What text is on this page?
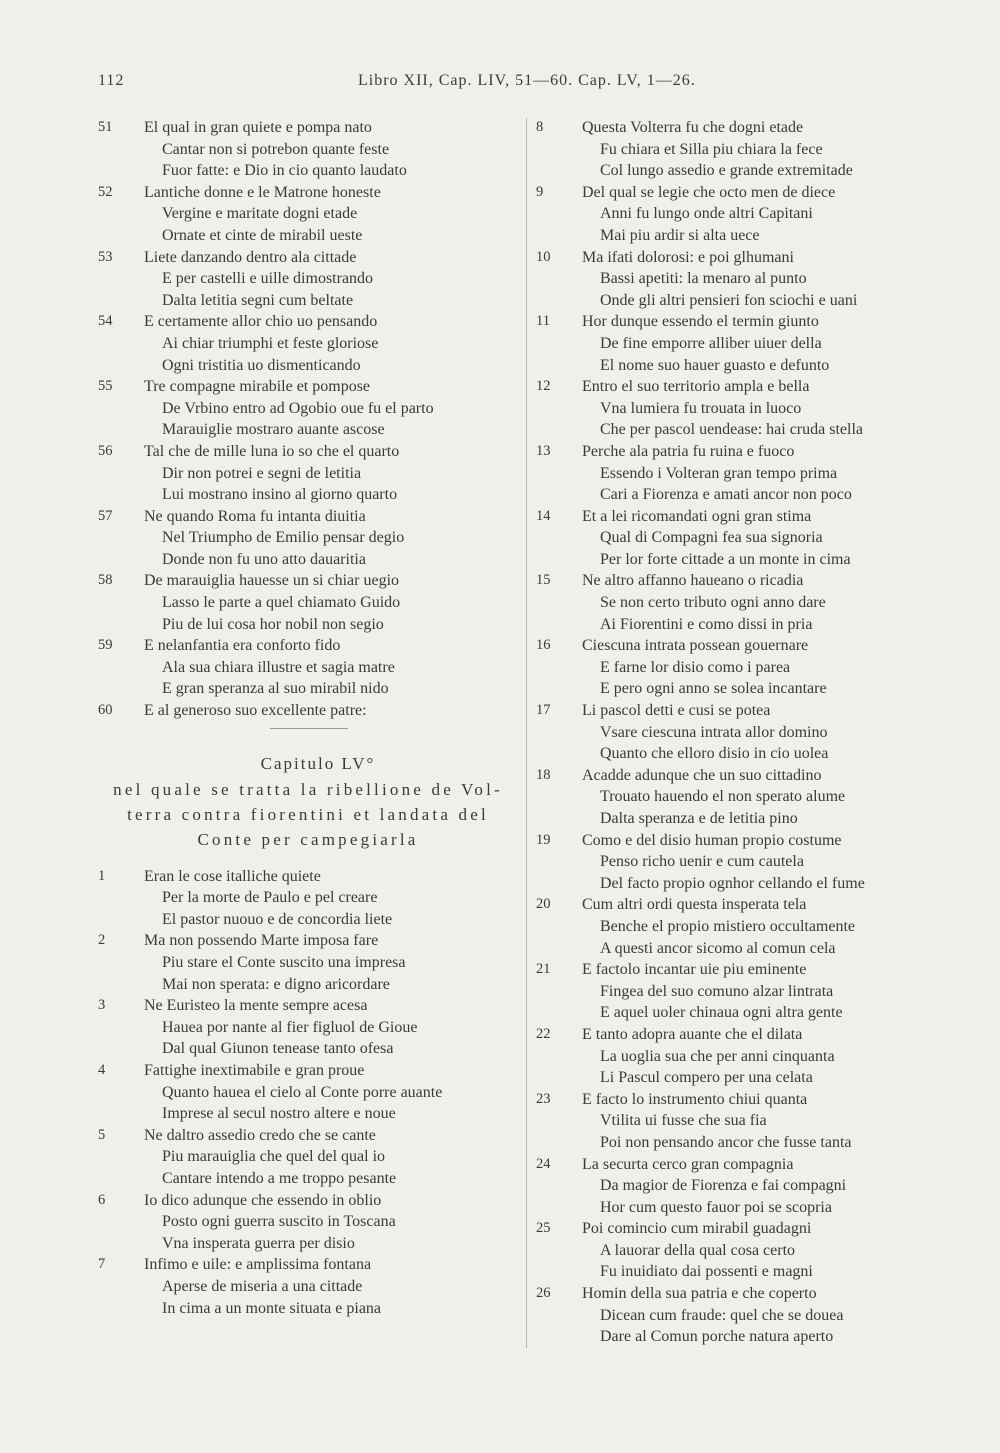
112	Libro XII, Cap. LIV, 51—60. Cap. LV, 1—26.
51	El qual in gran quiete e pompa nato
Cantar non si potrebon quante feste
Fuor fatte: e Dio in cio quanto laudato
52	Lantiche donne e le Matrone honeste
Vergine e maritate dogni etade
Ornate et cinte de mirabil ueste
53	Liete danzando dentro ala cittade
E per castelli e uille dimostrando
Dalta letitia segni cum beltate
54	E certamente allor chio uo pensando
Ai chiar triumphi et feste gloriose
Ogni tristitia uo dismenticando
55	Tre compagne mirabile et pompose
De Vrbino entro ad Ogobio oue fu el parto
Marauiglie mostraro auante ascose
56	Tal che de mille luna io so che el quarto
Dir non potrei e segni de letitia
Lui mostrano insino al giorno quarto
57	Ne quando Roma fu intanta diuitia
Nel Triumpho de Emilio pensar degio
Donde non fu uno atto dauaritia
58	De marauiglia hauesse un si chiar uegio
Lasso le parte a quel chiamato Guido
Piu de lui cosa hor nobil non segio
59	E nelanfantia era conforto fido
Ala sua chiara illustre et sagia matre
E gran speranza al suo mirabil nido
60	E al generoso suo excellente patre:
Capitulo LV°
nel quale se tratta la ribellione de Vol-
terra contra fiorentini et landata del
Conte per campegiarla
1	Eran le cose italliche quiete
Per la morte de Paulo e pel creare
El pastor nuouo e de concordia liete
2	Ma non possendo Marte imposa fare
Piu stare el Conte suscito una impresa
Mai non sperata: e digno aricordare
3	Ne Euristeo la mente sempre acesa
Hauea por nante al fier figluol de Gioue
Dal qual Giunon tenease tanto ofesa
4	Fattighe inextimabile e gran proue
Quanto hauea el cielo al Conte porre auante
Imprese al secul nostro altere e noue
5	Ne daltro assedio credo che se cante
Piu marauiglia che quel del qual io
Cantare intendo a me troppo pesante
6	Io dico adunque che essendo in oblio
Posto ogni guerra suscito in Toscana
Vna insperata guerra per disio
7	Infimo e uile: e amplissima fontana
Aperse de miseria a una cittade
In cima a un monte situata e piana
8	Questa Volterra fu che dogni etade
Fu chiara et Silla piu chiara la fece
Col lungo assedio e grande extremitade
9	Del qual se legie che octo men de diece
Anni fu lungo onde altri Capitani
Mai piu ardir si alta uece
10	Ma ifati dolorosi: e poi glhumani
Bassi apetiti: la menaro al punto
Onde gli altri pensieri fon sciochi e uani
11	Hor dunque essendo el termin giunto
De fine emporre alliber uiuer della
El nome suo hauer guasto e defunto
12	Entro el suo territorio ampla e bella
Vna lumiera fu trouata in luoco
Che per pascol uendease: hai cruda stella
13	Perche ala patria fu ruina e fuoco
Essendo i Volteran gran tempo prima
Cari a Fiorenza e amati ancor non poco
14	Et a lei ricomandati ogni gran stima
Qual di Compagni fea sua signoria
Per lor forte cittade a un monte in cima
15	Ne altro affanno haueano o ricadia
Se non certo tributo ogni anno dare
Ai Fiorentini e como dissi in pria
16	Ciescuna intrata possean gouernare
E farne lor disio como i parea
E pero ogni anno se solea incantare
17	Li pascol detti e cusi se potea
Vsare ciescuna intrata allor domino
Quanto che elloro disio in cio uolea
18	Acadde adunque che un suo cittadino
Trouato hauendo el non sperato alume
Dalta speranza e de letitia pino
19	Como e del disio human propio costume
Penso richo uenir e cum cautela
Del facto propio ognhor cellando el fume
20	Cum altri ordi questa insperata tela
Benche el propio mistiero occultamente
A questi ancor sicomo al comun cela
21	E factolo incantar uie piu eminente
Fingea del suo comuno alzar lintrata
E aquel uoler chinaua ogni altra gente
22	E tanto adopra auante che el dilata
La uoglia sua che per anni cinquanta
Li Pascul compero per una celata
23	E facto lo instrumento chiui quanta
Vtilita ui fusse che sua fia
Poi non pensando ancor che fusse tanta
24	La securta cerco gran compagnia
Da magior de Fiorenza e fai compagni
Hor cum questo fauor poi se scopria
25	Poi comincio cum mirabil guadagni
A lauorar della qual cosa certo
Fu inuidiato dai possenti e magni
26	Homin della sua patria e che coperto
Dicean cum fraude: quel che se douea
Dare al Comun porche natura aperto
